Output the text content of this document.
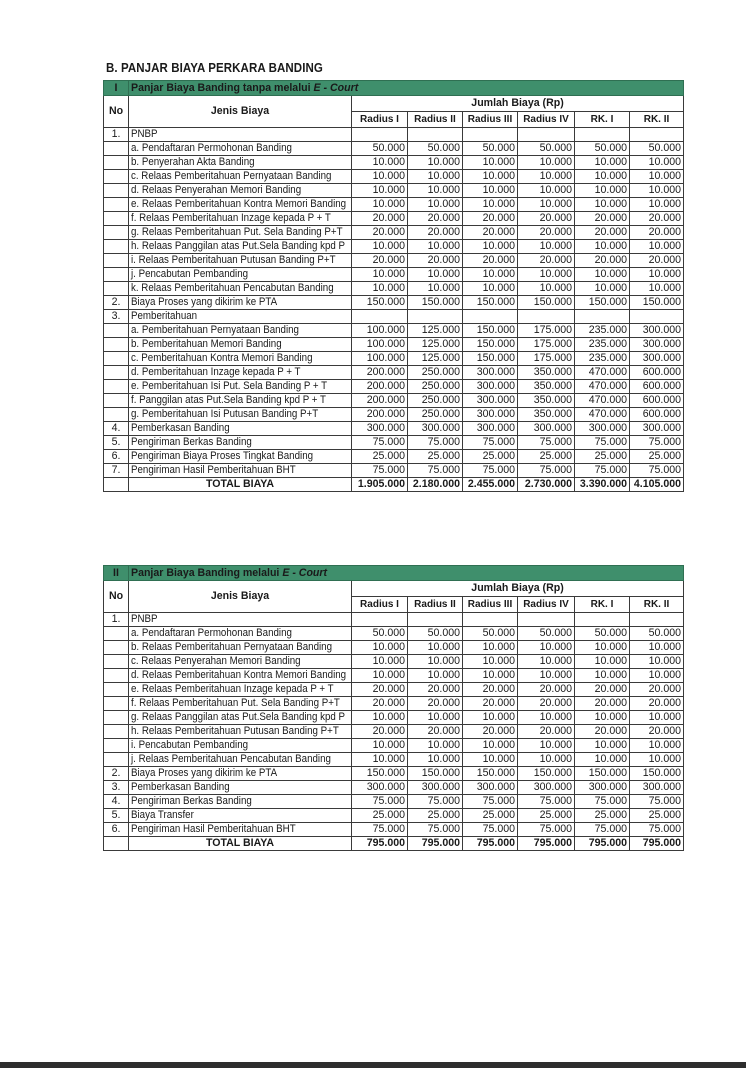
B. PANJAR BIAYA PERKARA BANDING
I	Panjar Biaya Banding tanpa melalui E - Court						
No	Jenis Biaya	Jumlah Biaya (Rp)					
		Radius I	Radius II	Radius III	Radius IV	RK. I	RK. II
1.	PNBP						
	a. Pendaftaran Permohonan Banding	50.000	50.000	50.000	50.000	50.000	50.000
	b. Penyerahan Akta Banding	10.000	10.000	10.000	10.000	10.000	10.000
	c. Relaas Pemberitahuan Pernyataan Banding	10.000	10.000	10.000	10.000	10.000	10.000
	d. Relaas Penyerahan Memori Banding	10.000	10.000	10.000	10.000	10.000	10.000
	e. Relaas Pemberitahuan Kontra Memori Banding	10.000	10.000	10.000	10.000	10.000	10.000
	f. Relaas Pemberitahuan Inzage kepada P + T	20.000	20.000	20.000	20.000	20.000	20.000
	g. Relaas Pemberitahuan Put. Sela Banding P+T	20.000	20.000	20.000	20.000	20.000	20.000
	h. Relaas Panggilan atas Put.Sela Banding kpd P	10.000	10.000	10.000	10.000	10.000	10.000
	i. Relaas Pemberitahuan Putusan Banding P+T	20.000	20.000	20.000	20.000	20.000	20.000
	j. Pencabutan Pembanding	10.000	10.000	10.000	10.000	10.000	10.000
	k. Relaas Pemberitahuan Pencabutan Banding	10.000	10.000	10.000	10.000	10.000	10.000
2.	Biaya Proses yang dikirim ke PTA	150.000	150.000	150.000	150.000	150.000	150.000
3.	Pemberitahuan						
	a. Pemberitahuan Pernyataan Banding	100.000	125.000	150.000	175.000	235.000	300.000
	b. Pemberitahuan Memori Banding	100.000	125.000	150.000	175.000	235.000	300.000
	c. Pemberitahuan Kontra Memori Banding	100.000	125.000	150.000	175.000	235.000	300.000
	d. Pemberitahuan Inzage kepada P + T	200.000	250.000	300.000	350.000	470.000	600.000
	e. Pemberitahuan Isi Put. Sela Banding P + T	200.000	250.000	300.000	350.000	470.000	600.000
	f. Panggilan atas Put.Sela Banding kpd P + T	200.000	250.000	300.000	350.000	470.000	600.000
	g. Pemberitahuan Isi Putusan Banding P+T	200.000	250.000	300.000	350.000	470.000	600.000
4.	Pemberkasan Banding	300.000	300.000	300.000	300.000	300.000	300.000
5.	Pengiriman Berkas Banding	75.000	75.000	75.000	75.000	75.000	75.000
6.	Pengiriman Biaya Proses Tingkat Banding	25.000	25.000	25.000	25.000	25.000	25.000
7.	Pengiriman Hasil Pemberitahuan BHT	75.000	75.000	75.000	75.000	75.000	75.000
	TOTAL BIAYA	1.905.000	2.180.000	2.455.000	2.730.000	3.390.000	4.105.000
II	Panjar Biaya Banding melalui E - Court						
No	Jenis Biaya	Jumlah Biaya (Rp)					
		Radius I	Radius II	Radius III	Radius IV	RK. I	RK. II
1.	PNBP						
	a. Pendaftaran Permohonan Banding	50.000	50.000	50.000	50.000	50.000	50.000
	b. Relaas Pemberitahuan Pernyataan Banding	10.000	10.000	10.000	10.000	10.000	10.000
	c. Relaas Penyerahan Memori Banding	10.000	10.000	10.000	10.000	10.000	10.000
	d. Relaas Pemberitahuan Kontra Memori Banding	10.000	10.000	10.000	10.000	10.000	10.000
	e. Relaas Pemberitahuan Inzage kepada P + T	20.000	20.000	20.000	20.000	20.000	20.000
	f. Relaas Pemberitahuan Put. Sela Banding P+T	20.000	20.000	20.000	20.000	20.000	20.000
	g. Relaas Panggilan atas Put.Sela Banding kpd P	10.000	10.000	10.000	10.000	10.000	10.000
	h. Relaas Pemberitahuan Putusan Banding P+T	20.000	20.000	20.000	20.000	20.000	20.000
	i. Pencabutan Pembanding	10.000	10.000	10.000	10.000	10.000	10.000
	j. Relaas Pemberitahuan Pencabutan Banding	10.000	10.000	10.000	10.000	10.000	10.000
2.	Biaya Proses yang dikirim ke PTA	150.000	150.000	150.000	150.000	150.000	150.000
3.	Pemberkasan Banding	300.000	300.000	300.000	300.000	300.000	300.000
4.	Pengiriman Berkas Banding	75.000	75.000	75.000	75.000	75.000	75.000
5.	Biaya Transfer	25.000	25.000	25.000	25.000	25.000	25.000
6.	Pengiriman Hasil Pemberitahuan BHT	75.000	75.000	75.000	75.000	75.000	75.000
	TOTAL BIAYA	795.000	795.000	795.000	795.000	795.000	795.000
